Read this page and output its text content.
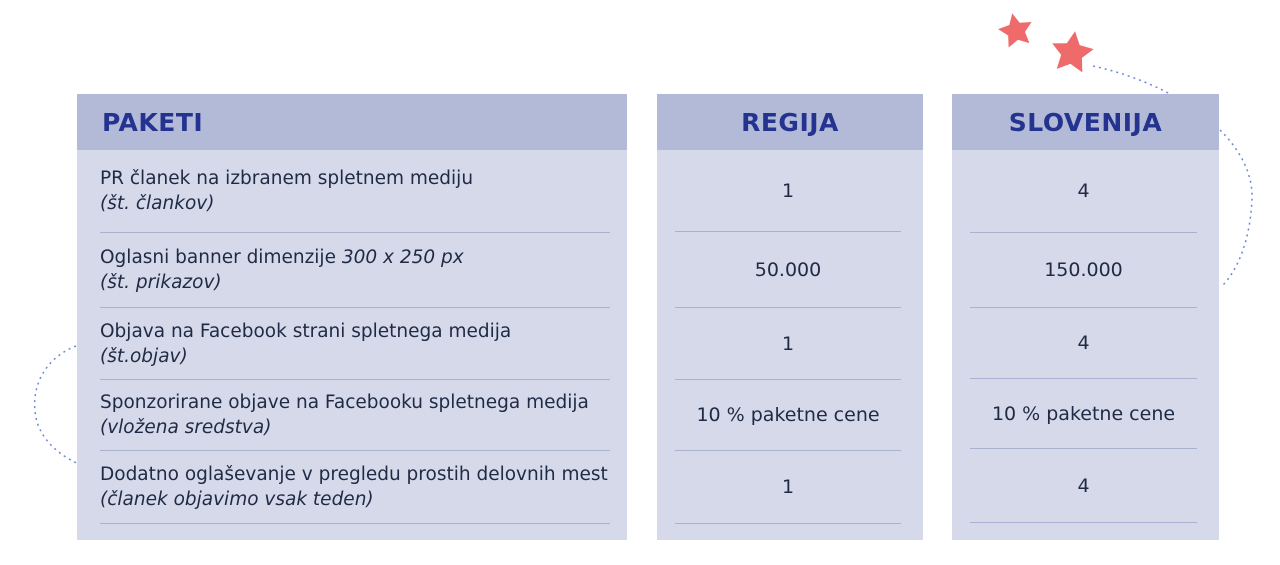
PAKETI
PR članek na izbranem spletnem mediju
(št. člankov)
Oglasni banner dimenzije 300 x 250 px
(št. prikazov)
Objava na Facebook strani spletnega medija
(št.objav)
Sponzorirane objave na Facebooku spletnega medija
(vložena sredstva)
Dodatno oglaševanje v pregledu prostih delovnih mest
(članek objavimo vsak teden)
REGIJA
1
50.000
1
10 % paketne cene
1
SLOVENIJA
4
150.000
4
10 % paketne cene
4
